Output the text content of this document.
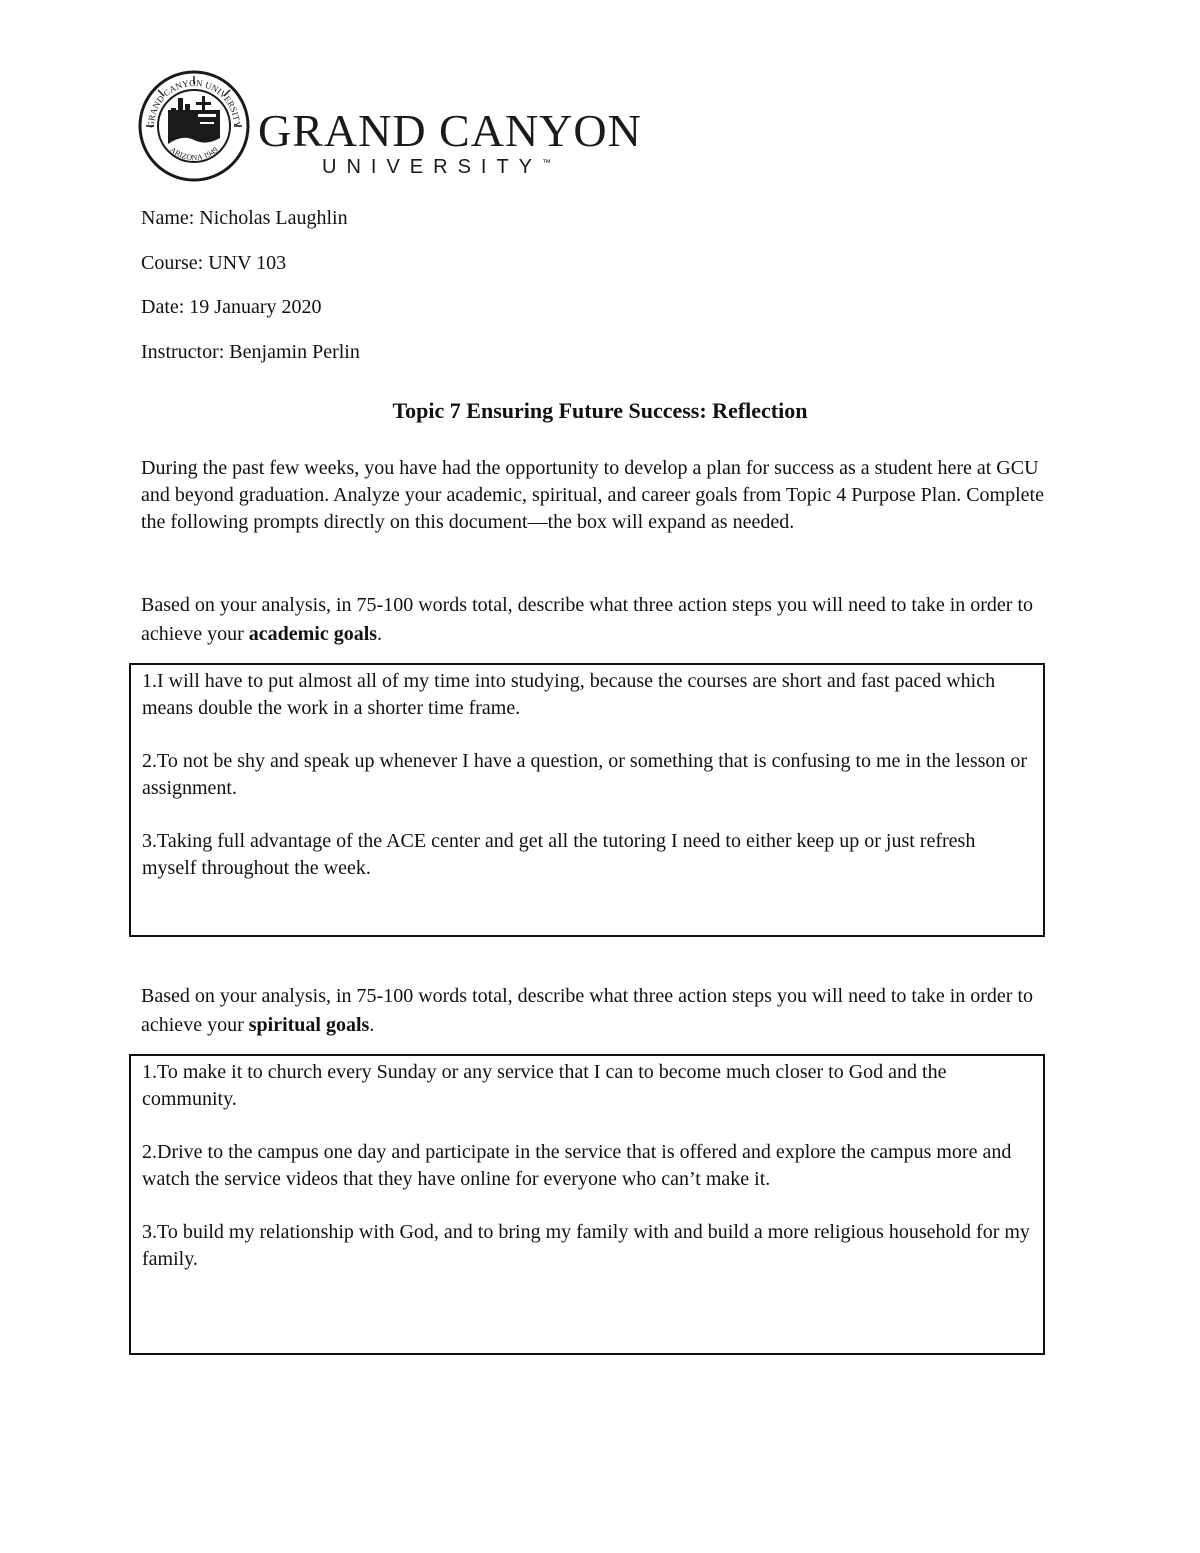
GRAND CANYON UNIVERSITY
ARIZONA 1949 GRAND CANYON
UNIVERSITY™
Name: Nicholas Laughlin
Course: UNV 103
Date: 19 January 2020
Instructor: Benjamin Perlin
Topic 7 Ensuring Future Success: Reflection
During the past few weeks, you have had the opportunity to develop a plan for success as a student here at GCU and beyond graduation. Analyze your academic, spiritual, and career goals from Topic 4 Purpose Plan. Complete the following prompts directly on this document—the box will expand as needed.
Based on your analysis, in 75-100 words total, describe what three action steps you will need to take in order to achieve your academic goals.

1.I will have to put almost all of my time into studying, because the courses are short and fast paced which means double the work in a shorter time frame.

2.To not be shy and speak up whenever I have a question, or something that is confusing to me in the lesson or assignment.

3.Taking full advantage of the ACE center and get all the tutoring I need to either keep up or just refresh myself throughout the week.

Based on your analysis, in 75-100 words total, describe what three action steps you will need to take in order to achieve your spiritual goals.

1.To make it to church every Sunday or any service that I can to become much closer to God and the community.

2.Drive to the campus one day and participate in the service that is offered and explore the campus more and watch the service videos that they have online for everyone who can’t make it.

3.To build my relationship with God, and to bring my family with and build a more religious household for my family.
